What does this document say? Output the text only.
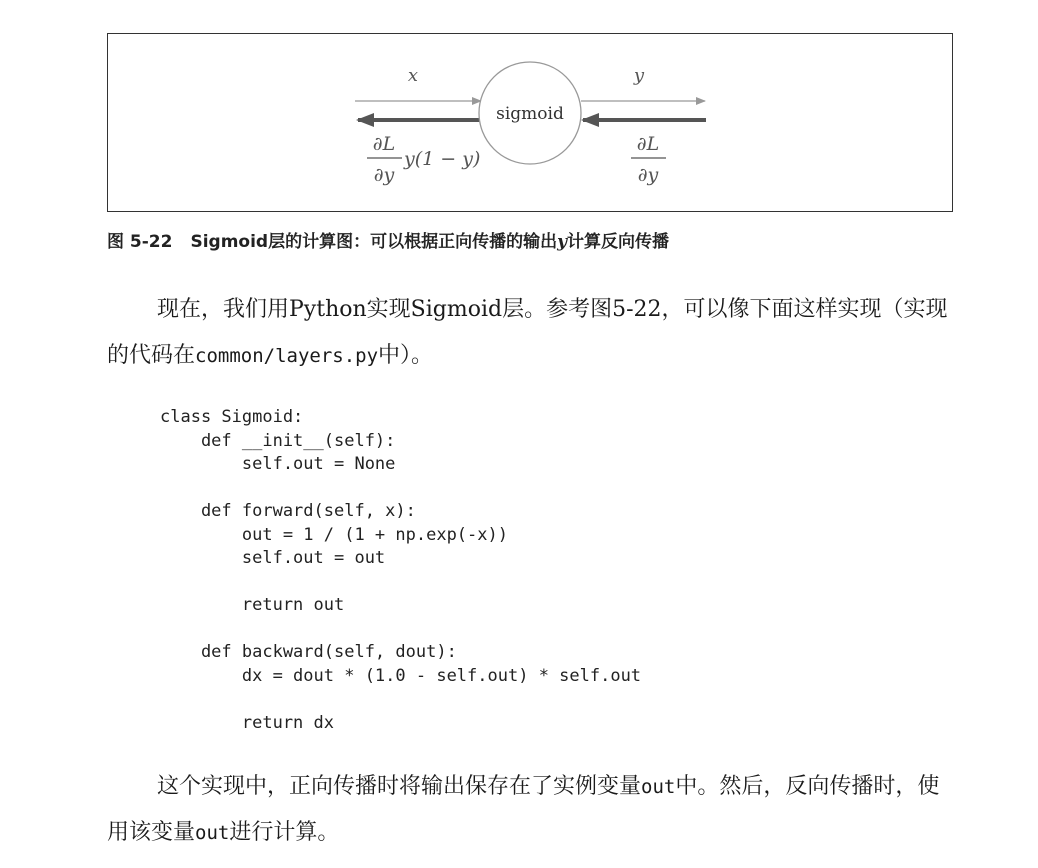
sigmoid
x	y
∂L
∂y
y(1 − y)
∂L
∂y
图 5-22 Sigmoid层的计算图：可以根据正向传播的输出y计算反向传播

现在，我们用Python实现Sigmoid层。参考图5-22，可以像下面这样实现（实现的代码在common/layers.py中）。

class Sigmoid:
def __init__(self):
self.out = None
def forward(self, x):
out = 1 / (1 + np.exp(-x))
self.out = out
return out
def backward(self, dout):
dx = dout * (1.0 - self.out) * self.out
return dx

这个实现中，正向传播时将输出保存在了实例变量out中。然后，反向传播时，使用该变量out进行计算。
